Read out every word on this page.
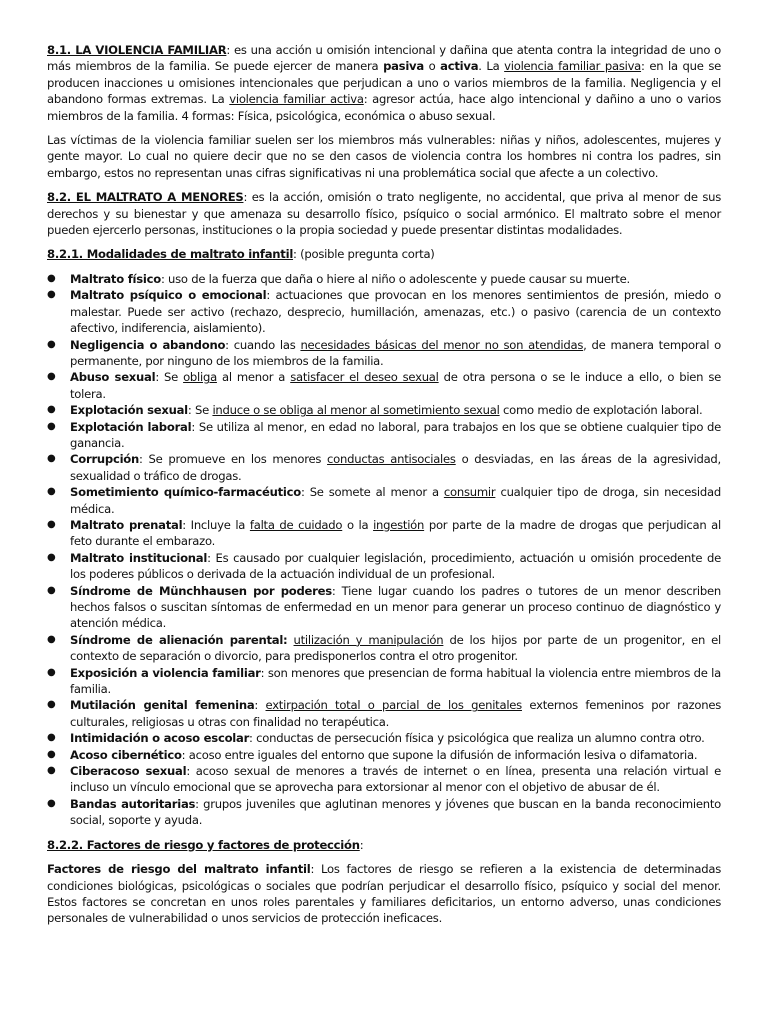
8.1. LA VIOLENCIA FAMILIAR: es una acción u omisión intencional y dañina que atenta contra la integridad de uno o más miembros de la familia. Se puede ejercer de manera pasiva o activa. La violencia familiar pasiva: en la que se producen inacciones u omisiones intencionales que perjudican a uno o varios miembros de la familia. Negligencia y el abandono formas extremas. La violencia familiar activa: agresor actúa, hace algo intencional y dañino a uno o varios miembros de la familia. 4 formas: Física, psicológica, económica o abuso sexual.

Las víctimas de la violencia familiar suelen ser los miembros más vulnerables: niñas y niños, adolescentes, mujeres y gente mayor. Lo cual no quiere decir que no se den casos de violencia contra los hombres ni contra los padres, sin embargo, estos no representan unas cifras significativas ni una problemática social que afecte a un colectivo.

8.2. EL MALTRATO A MENORES: es la acción, omisión o trato negligente, no accidental, que priva al menor de sus derechos y su bienestar y que amenaza su desarrollo físico, psíquico o social armónico. El maltrato sobre el menor pueden ejercerlo personas, instituciones o la propia sociedad y puede presentar distintas modalidades.

8.2.1. Modalidades de maltrato infantil: (posible pregunta corta)

● Maltrato físico: uso de la fuerza que daña o hiere al niño o adolescente y puede causar su muerte.
● Maltrato psíquico o emocional: actuaciones que provocan en los menores sentimientos de presión, miedo o malestar. Puede ser activo (rechazo, desprecio, humillación, amenazas, etc.) o pasivo (carencia de un contexto afectivo, indiferencia, aislamiento).
● Negligencia o abandono: cuando las necesidades básicas del menor no son atendidas, de manera temporal o permanente, por ninguno de los miembros de la familia.
● Abuso sexual: Se obliga al menor a satisfacer el deseo sexual de otra persona o se le induce a ello, o bien se tolera.
● Explotación sexual: Se induce o se obliga al menor al sometimiento sexual como medio de explotación laboral.
● Explotación laboral: Se utiliza al menor, en edad no laboral, para trabajos en los que se obtiene cualquier tipo de ganancia.
● Corrupción: Se promueve en los menores conductas antisociales o desviadas, en las áreas de la agresividad, sexualidad o tráfico de drogas.
● Sometimiento químico-farmacéutico: Se somete al menor a consumir cualquier tipo de droga, sin necesidad médica.
● Maltrato prenatal: Incluye la falta de cuidado o la ingestión por parte de la madre de drogas que perjudican al feto durante el embarazo.
● Maltrato institucional: Es causado por cualquier legislación, procedimiento, actuación u omisión procedente de los poderes públicos o derivada de la actuación individual de un profesional.
● Síndrome de Münchhausen por poderes: Tiene lugar cuando los padres o tutores de un menor describen hechos falsos o suscitan síntomas de enfermedad en un menor para generar un proceso continuo de diagnóstico y atención médica.
● Síndrome de alienación parental: utilización y manipulación de los hijos por parte de un progenitor, en el contexto de separación o divorcio, para predisponerlos contra el otro progenitor.
● Exposición a violencia familiar: son menores que presencian de forma habitual la violencia entre miembros de la familia.
● Mutilación genital femenina: extirpación total o parcial de los genitales externos femeninos por razones culturales, religiosas u otras con finalidad no terapéutica.
● Intimidación o acoso escolar: conductas de persecución física y psicológica que realiza un alumno contra otro.
● Acoso cibernético: acoso entre iguales del entorno que supone la difusión de información lesiva o difamatoria.
● Ciberacoso sexual: acoso sexual de menores a través de internet o en línea, presenta una relación virtual e incluso un vínculo emocional que se aprovecha para extorsionar al menor con el objetivo de abusar de él.
● Bandas autoritarias: grupos juveniles que aglutinan menores y jóvenes que buscan en la banda reconocimiento social, soporte y ayuda.

8.2.2. Factores de riesgo y factores de protección:

Factores de riesgo del maltrato infantil: Los factores de riesgo se refieren a la existencia de determinadas condiciones biológicas, psicológicas o sociales que podrían perjudicar el desarrollo físico, psíquico y social del menor. Estos factores se concretan en unos roles parentales y familiares deficitarios, un entorno adverso, unas condiciones personales de vulnerabilidad o unos servicios de protección ineficaces.
